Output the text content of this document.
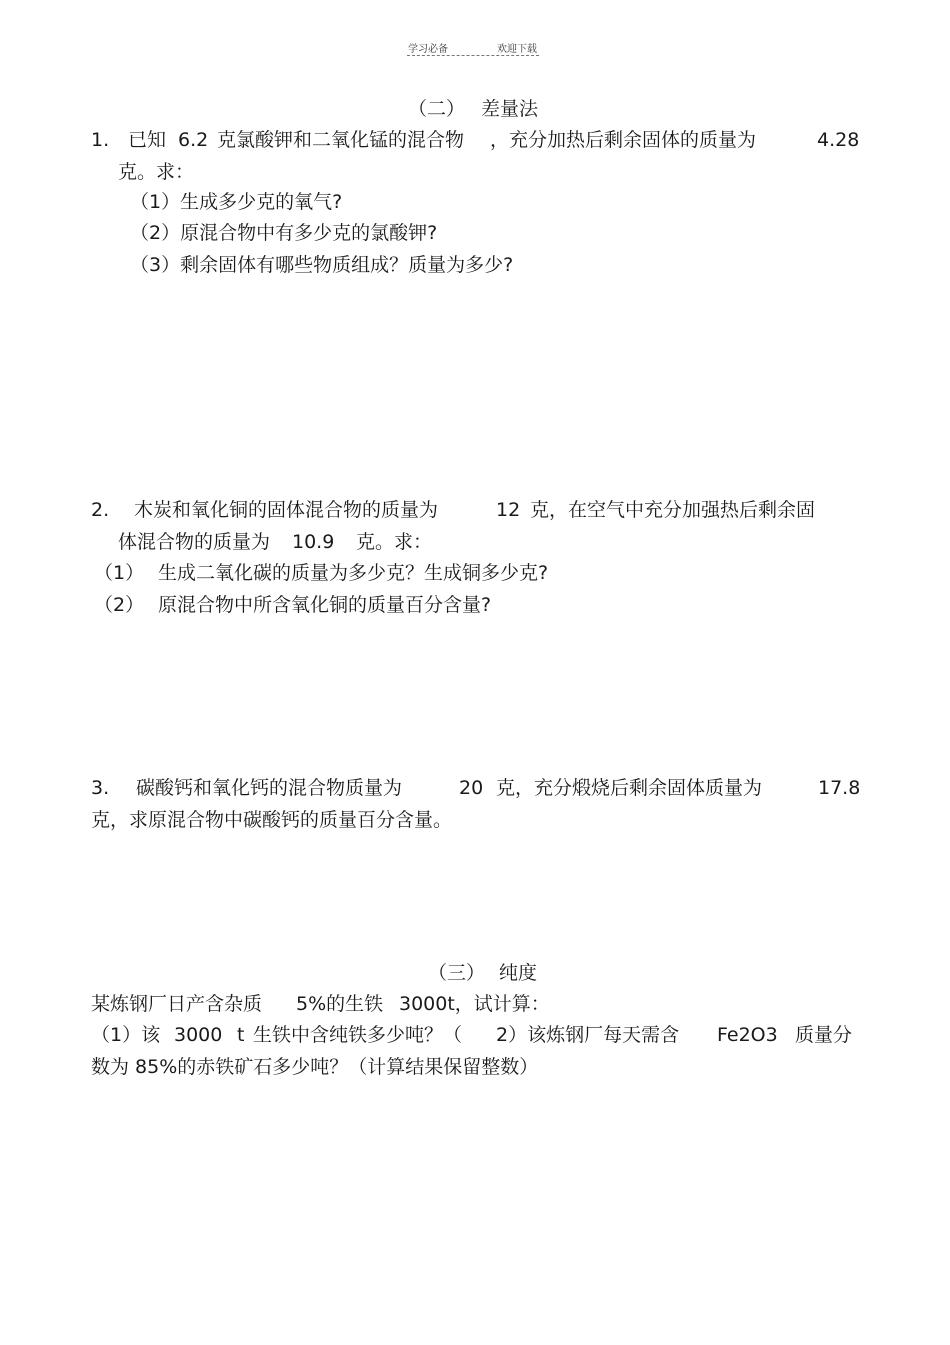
学习必备	欢迎下载
（二） 差量法
1. 已知 6.2 克氯酸钾和二氧化锰的混合物 ，充分加热后剩余固体的质量为	4.28
克。求：
（1）生成多少克的氧气?
（2）原混合物中有多少克的氯酸钾?
（3）剩余固体有哪些物质组成？质量为多少?
2. 木炭和氧化铜的固体混合物的质量为	12 克，在空气中充分加强热后剩余固
体混合物的质量为 10.9 克。求：
（1） 生成二氧化碳的质量为多少克？生成铜多少克?
（2） 原混合物中所含氧化铜的质量百分含量?
3. 碳酸钙和氧化钙的混合物质量为	20 克，充分煅烧后剩余固体质量为	17.8
克，求原混合物中碳酸钙的质量百分含量。
（三） 纯度
某炼钢厂日产含杂质 5%的生铁 3000t，试计算：
（1）该 3000 t 生铁中含纯铁多少吨？（ 2）该炼钢厂每天需含 Fe2O3 质量分
数为 85%的赤铁矿石多少吨？（计算结果保留整数）
